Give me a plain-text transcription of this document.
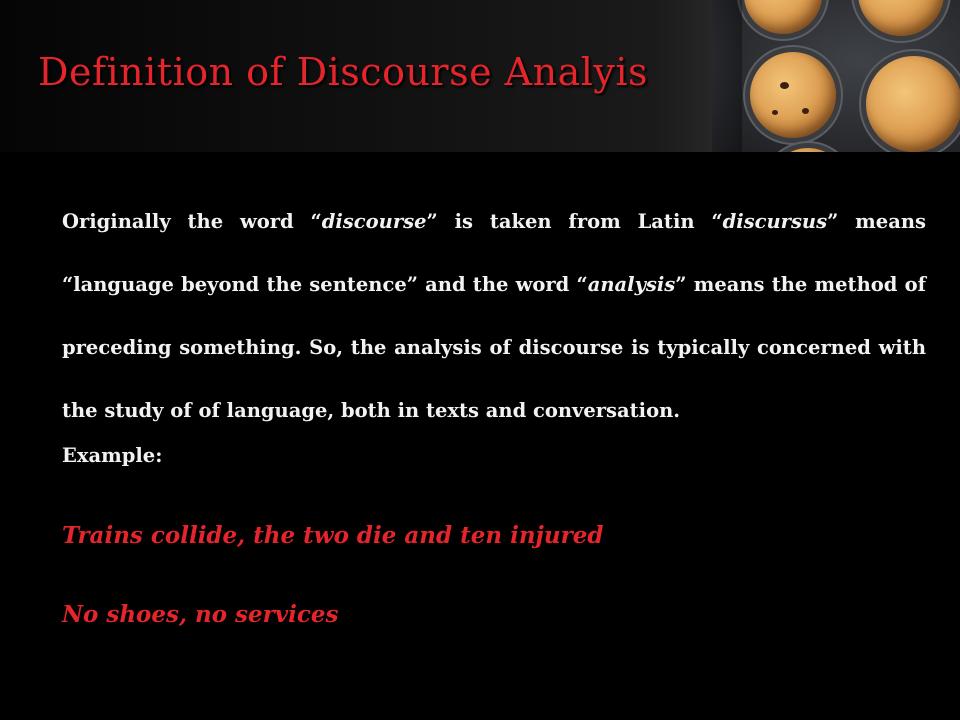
Definition of Discourse Analyis

Originally the word “discourse” is taken from Latin “discursus” means “language beyond the sentence” and the word “analysis” means the method of preceding something. So, the analysis of discourse is typically concerned with the study of of language, both in texts and conversation.

Example:

Trains collide, the two die and ten injured

No shoes, no services
